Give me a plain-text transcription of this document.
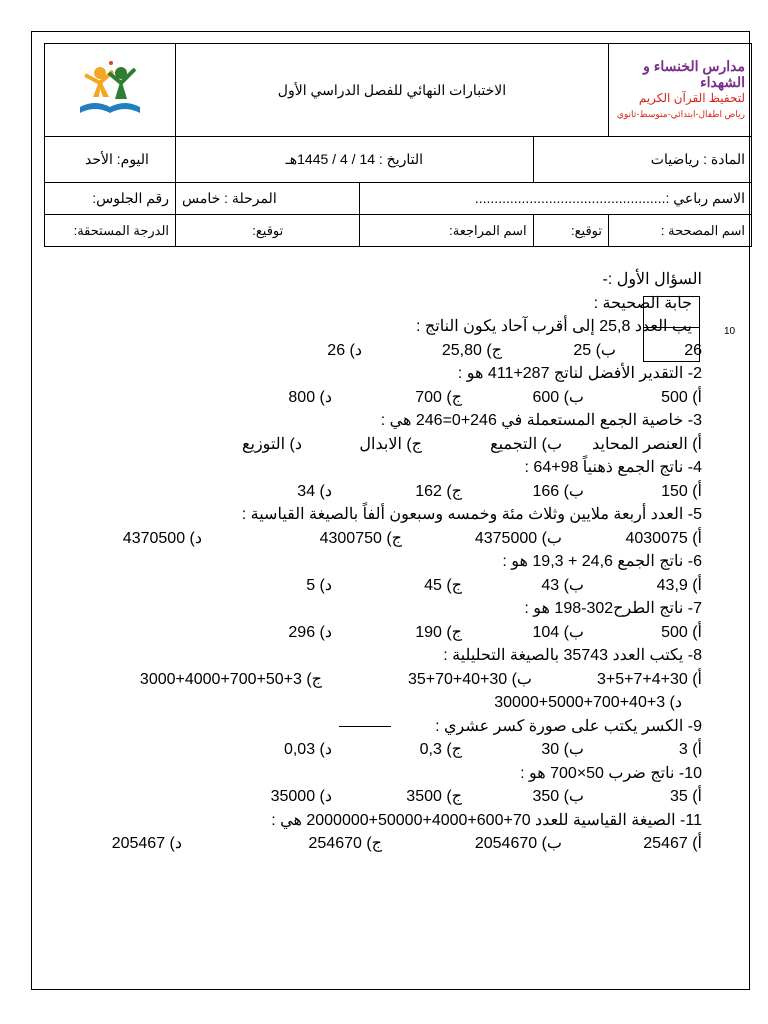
مدارس الخنساء و الشهداء
لتحفيظ القرآن الكريم
رياض اطفال-ابتدائي-متوسط-ثانوي	الاختبارات النهائي للفصل الدراسي الأول	
المادة : رياضيات		التاريخ : 14 / 4 / 1445هـ		اليوم: الأحد
الاسم رباعي :.................................................			المرحلة : خامس	رقم الجلوس:
اسم المصححة :	توقيع:	اسم المراجعة:	توقيع:	الدرجة المستحقة:
10
السؤال الأول :-
جابة الصحيحة :
يب العدد 25,8 إلى أقرب آحاد يكون الناتج :
26
ب) 25
ج) 25,80
د) 26
2- التقدير الأفضل لناتج 287+411 هو :
أ) 500
ب) 600
ج) 700
د) 800
3- خاصية الجمع المستعملة في 246+0=246 هي :
أ) العنصر المحايد
ب) التجميع
ج) الابدال
د) التوزيع
4- ناتج الجمع ذهنياً 98+64 :
أ) 150
ب) 166
ج) 162
د) 34
5- العدد أربعة ملايين وثلاث مئة وخمسه وسبعون ألفاً بالصيغة القياسية :
أ) 4030075
ب) 4375000
ج) 4300750
د) 4370500
6- ناتج الجمع 24,6 + 19,3 هو :
أ) 43,9
ب) 43
ج) 45
د) 5
7- ناتج الطرح302-198 هو :
أ) 500
ب) 104
ج) 190
د) 296
8- يكتب العدد 35743 بالصيغة التحليلية :
أ) 30+4+7+5+3
ب) 30+40+70+35
ج) 3+50+700+4000+3000
د) 3+40+700+5000+30000
9- الكسر يكتب على صورة كسر عشري :
أ) 3
ب) 30
ج) 0,3
د) 0,03
10- ناتج ضرب 50×700 هو :
أ) 35
ب) 350
ج) 3500
د) 35000
11- الصيغة القياسية للعدد 70+600+4000+50000+2000000 هي :
أ) 25467
ب) 2054670
ج) 254670
د) 205467
